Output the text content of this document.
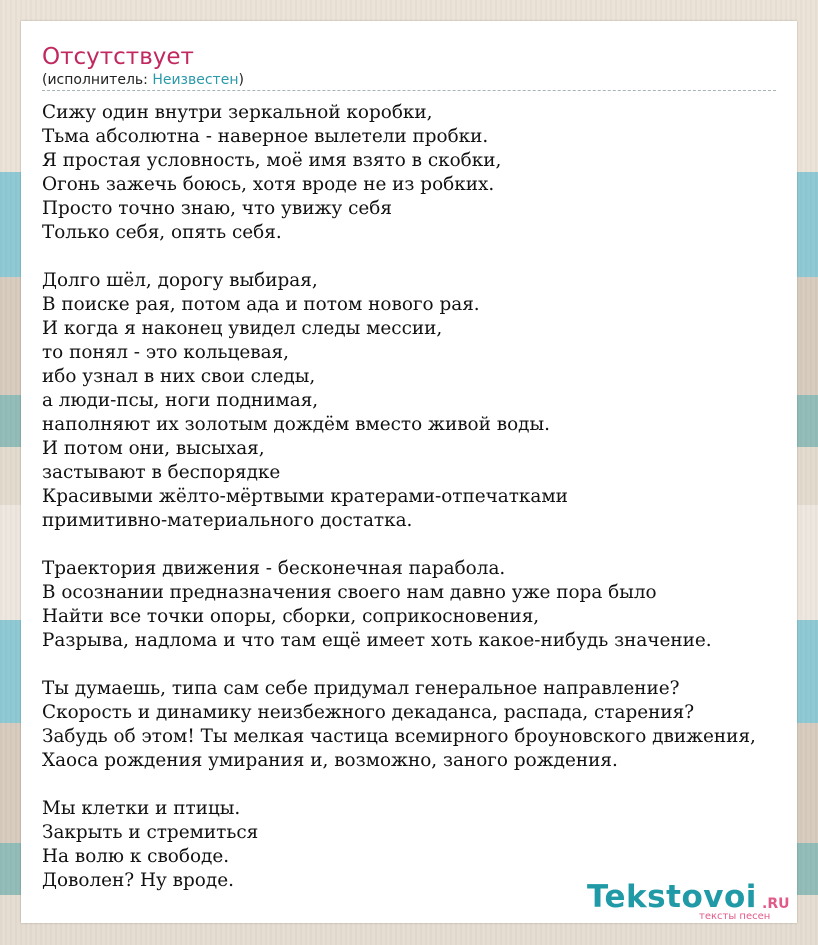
Отсутствует
(исполнитель: Неизвестен)
Сижу один внутри зеркальной коробки,
Тьма абсолютна - наверное вылетели пробки.
Я простая условность, моё имя взято в скобки,
Огонь зажечь боюсь, хотя вроде не из робких.
Просто точно знаю, что увижу себя
Только себя, опять себя.
Долго шёл, дорогу выбирая,
В поиске рая, потом ада и потом нового рая.
И когда я наконец увидел следы мессии,
то понял - это кольцевая,
ибо узнал в них свои следы,
а люди-псы, ноги поднимая,
наполняют их золотым дождём вместо живой воды.
И потом они, высыхая,
застывают в беспорядке
Красивыми жёлто-мёртвыми кратерами-отпечатками
примитивно-материального достатка.
Траектория движения - бесконечная парабола.
В осознании предназначения своего нам давно уже пора было
Найти все точки опоры, сборки, соприкосновения,
Разрыва, надлома и что там ещё имеет хоть какое-нибудь значение.
Ты думаешь, типа сам себе придумал генеральное направление?
Скорость и динамику неизбежного декаданса, распада, старения?
Забудь об этом! Ты мелкая частица всемирного броуновского движения,
Хаоса рождения умирания и, возможно, заного рождения.
Мы клетки и птицы.
Закрыть и стремиться
На волю к свободе.
Доволен? Ну вроде.	Tekstovoi .RU
тексты песен
